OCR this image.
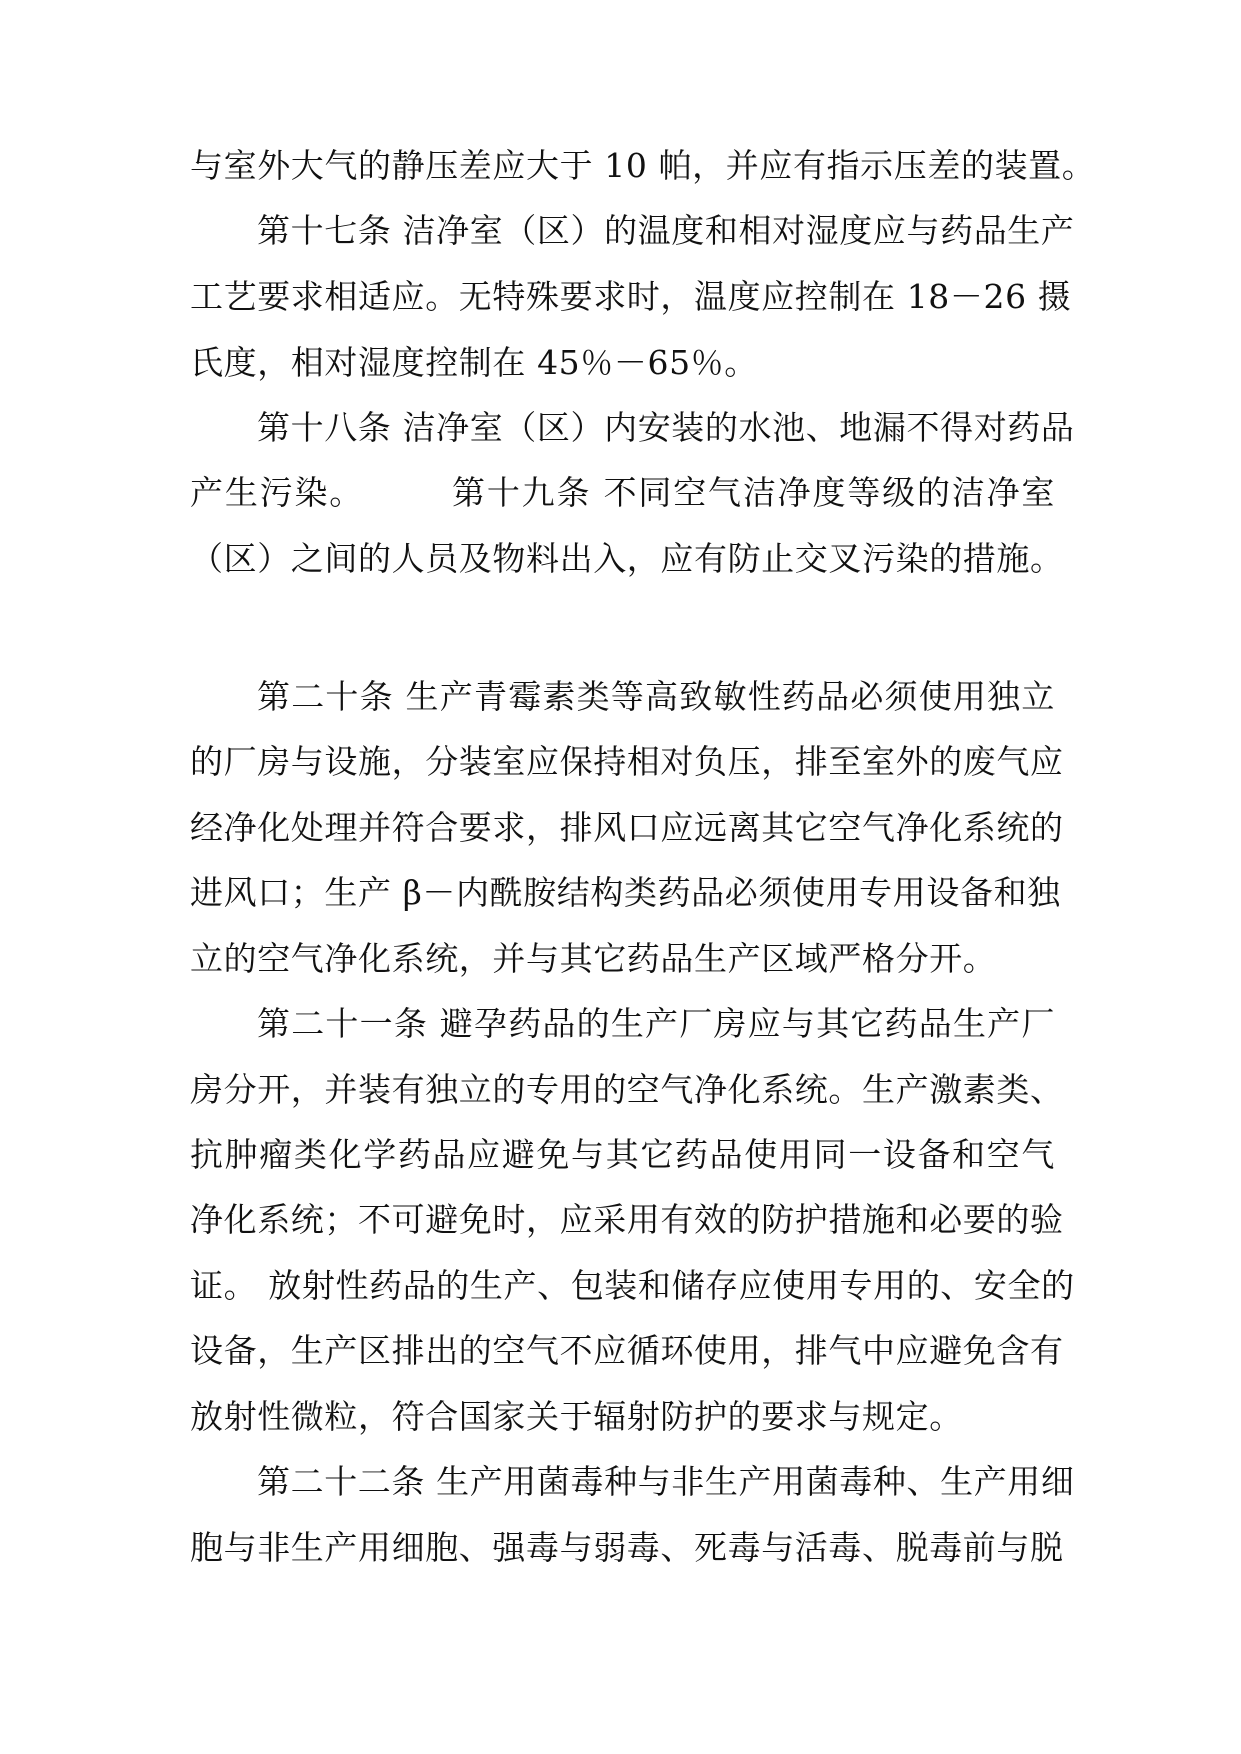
与室外大气的静压差应大于 10 帕，并应有指示压差的装置。
第十七条 洁净室（区）的温度和相对湿度应与药品生产
工艺要求相适应。无特殊要求时，温度应控制在 18－26 摄
氏度，相对湿度控制在 45％－65％。
第十八条 洁净室（区）内安装的水池、地漏不得对药品
产生污染。　　　第十九条 不同空气洁净度等级的洁净室
（区）之间的人员及物料出入，应有防止交叉污染的措施。
第二十条 生产青霉素类等高致敏性药品必须使用独立
的厂房与设施，分装室应保持相对负压，排至室外的废气应
经净化处理并符合要求，排风口应远离其它空气净化系统的
进风口；生产 β－内酰胺结构类药品必须使用专用设备和独
立的空气净化系统，并与其它药品生产区域严格分开。
第二十一条 避孕药品的生产厂房应与其它药品生产厂
房分开，并装有独立的专用的空气净化系统。生产激素类、
抗肿瘤类化学药品应避免与其它药品使用同一设备和空气
净化系统；不可避免时，应采用有效的防护措施和必要的验
证。 放射性药品的生产、包装和储存应使用专用的、安全的
设备，生产区排出的空气不应循环使用，排气中应避免含有
放射性微粒，符合国家关于辐射防护的要求与规定。
第二十二条 生产用菌毒种与非生产用菌毒种、生产用细
胞与非生产用细胞、强毒与弱毒、死毒与活毒、脱毒前与脱
